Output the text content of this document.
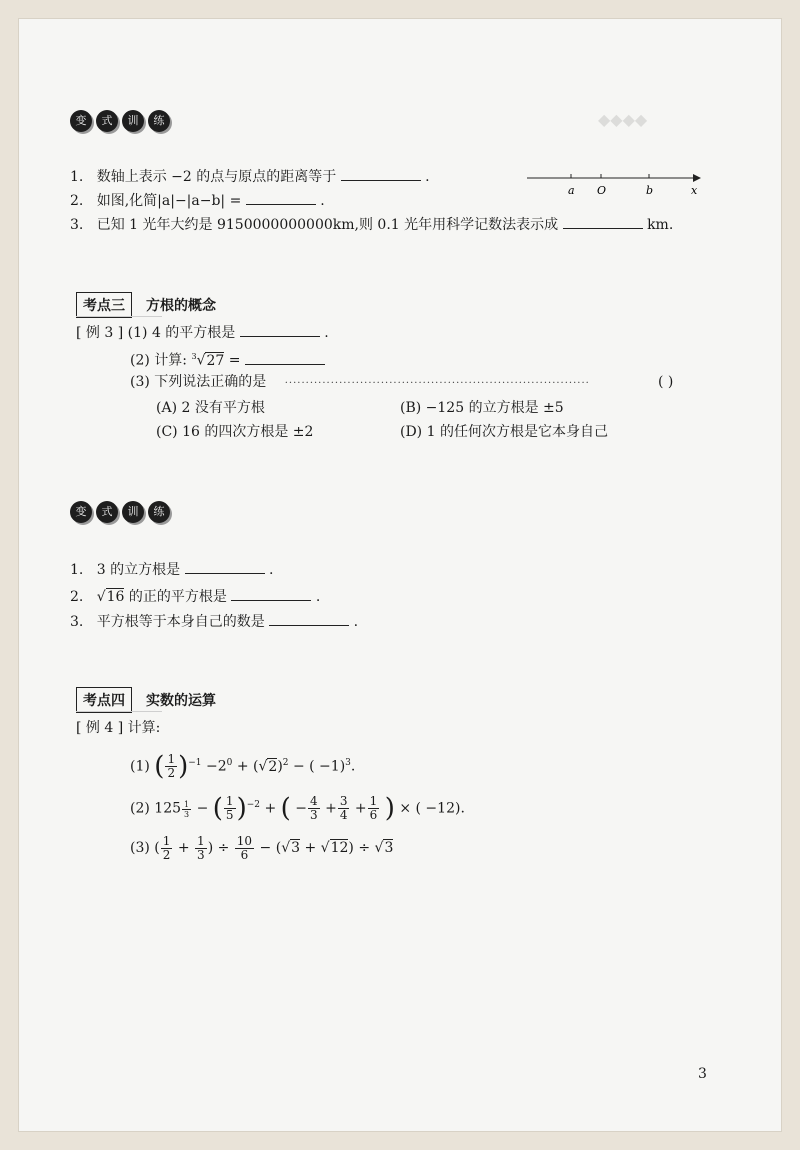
◆◆◆◆
变	式	训	练
1. 数轴上表示 −2 的点与原点的距离等于	.
2. 如图,化简|a|−|a−b| =	.
3. 已知 1 光年大约是 9150000000000km,则 0.1 光年用科学记数法表示成	km.
a O	b	x
考点三	方根的概念
[ 例 3 ] (1) 4 的平方根是	.
(2) 计算: $^3$√27 =
(3) 下列说法正确的是 ·········································································	( )
(A) 2 没有平方根	(B) −125 的立方根是 ±5
(C) 16 的四次方根是 ±2	(D) 1 的任何次方根是它本身自己
变	式	训	练
1. 3 的立方根是	.
2. √16 的正的平方根是	.
3. 平方根等于本身自己的数是	.
考点四	实数的运算
[ 例 4 ] 计算:
(1) ( $\frac{1}{2} )^{-1} -2^0 + (√2)^2$ − ( −1)$^3$.
(2) $125 \frac{1}{3}$ − ( $\frac{1}{5} )^{-2}$ + ( − $\frac{4}{3} + \frac{3}{4} + \frac{1}{6}$ ) × ( −12).
(3) ( $\frac{1}{2} + \frac{1}{3}$ ) ÷ $\frac{10}{6} - (√3 + √12) \div √3$
3
